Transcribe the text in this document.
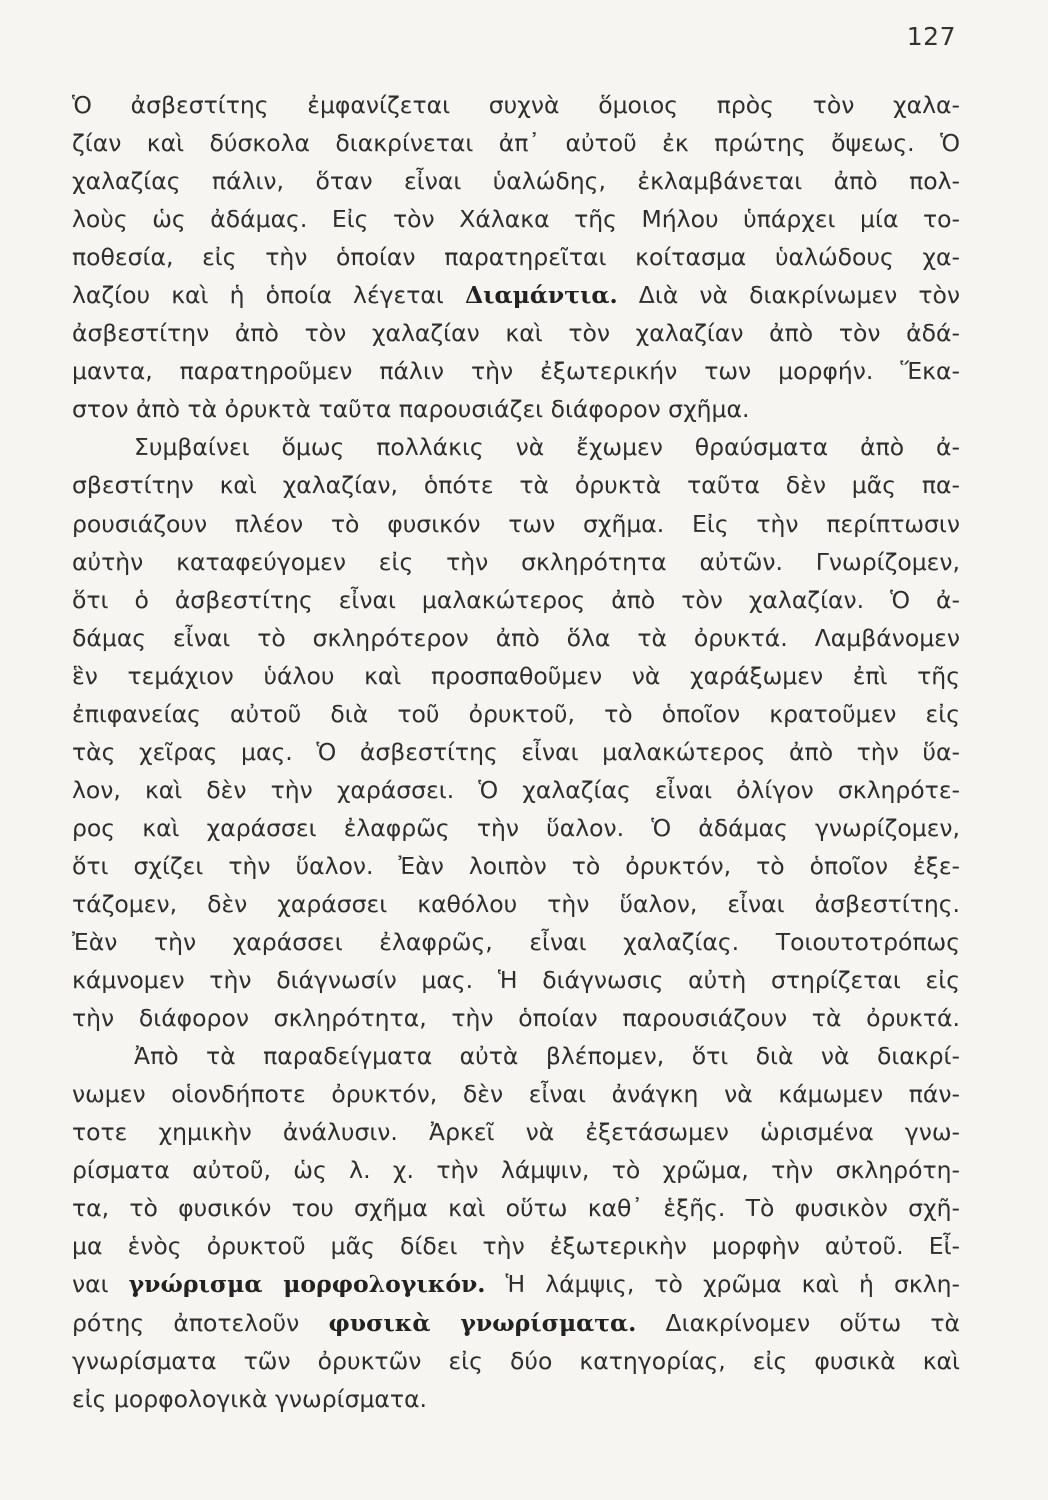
127
Ὁ ἀσβεστίτης ἐμφανίζεται συχνὰ ὅμοιος πρὸς τὸν χαλα-
ζίαν καὶ δύσκολα διακρίνεται ἀπ᾿ αὐτοῦ ἐκ πρώτης ὄψεως. Ὁ
χαλαζίας πάλιν, ὅταν εἶναι ὑαλώδης, ἐκλαμβάνεται ἀπὸ πολ-
λοὺς ὡς ἀδάμας. Εἰς τὸν Χάλακα τῆς Μήλου ὑπάρχει μία το-
ποθεσία, εἰς τὴν ὁποίαν παρατηρεῖται κοίτασμα ὑαλώδους χα-
λαζίου καὶ ἡ ὁποία λέγεται Διαμάντια. Διὰ νὰ διακρίνωμεν τὸν
ἀσβεστίτην ἀπὸ τὸν χαλαζίαν καὶ τὸν χαλαζίαν ἀπὸ τὸν ἀδά-
μαντα, παρατηροῦμεν πάλιν τὴν ἐξωτερικήν των μορφήν. Ἕκα-
στον ἀπὸ τὰ ὀρυκτὰ ταῦτα παρουσιάζει διάφορον σχῆμα.
Συμβαίνει ὅμως πολλάκις νὰ ἔχωμεν θραύσματα ἀπὸ ἀ-
σβεστίτην καὶ χαλαζίαν, ὁπότε τὰ ὀρυκτὰ ταῦτα δὲν μᾶς πα-
ρουσιάζουν πλέον τὸ φυσικόν των σχῆμα. Εἰς τὴν περίπτωσιν
αὐτὴν καταφεύγομεν εἰς τὴν σκληρότητα αὐτῶν. Γνωρίζομεν,
ὅτι ὁ ἀσβεστίτης εἶναι μαλακώτερος ἀπὸ τὸν χαλαζίαν. Ὁ ἀ-
δάμας εἶναι τὸ σκληρότερον ἀπὸ ὅλα τὰ ὀρυκτά. Λαμβάνομεν
ἓν τεμάχιον ὑάλου καὶ προσπαθοῦμεν νὰ χαράξωμεν ἐπὶ τῆς
ἐπιφανείας αὐτοῦ διὰ τοῦ ὀρυκτοῦ, τὸ ὁποῖον κρατοῦμεν εἰς
τὰς χεῖρας μας. Ὁ ἀσβεστίτης εἶναι μαλακώτερος ἀπὸ τὴν ὕα-
λον, καὶ δὲν τὴν χαράσσει. Ὁ χαλαζίας εἶναι ὀλίγον σκληρότε-
ρος καὶ χαράσσει ἐλαφρῶς τὴν ὕαλον. Ὁ ἀδάμας γνωρίζομεν,
ὅτι σχίζει τὴν ὕαλον. Ἐὰν λοιπὸν τὸ ὀρυκτόν, τὸ ὁποῖον ἐξε-
τάζομεν, δὲν χαράσσει καθόλου τὴν ὕαλον, εἶναι ἀσβεστίτης.
Ἐὰν τὴν χαράσσει ἐλαφρῶς, εἶναι χαλαζίας. Τοιουτοτρόπως
κάμνομεν τὴν διάγνωσίν μας. Ἡ διάγνωσις αὐτὴ στηρίζεται εἰς
τὴν διάφορον σκληρότητα, τὴν ὁποίαν παρουσιάζουν τὰ ὀρυκτά.
Ἀπὸ τὰ παραδείγματα αὐτὰ βλέπομεν, ὅτι διὰ νὰ διακρί-
νωμεν οἱονδήποτε ὀρυκτόν, δὲν εἶναι ἀνάγκη νὰ κάμωμεν πάν-
τοτε χημικὴν ἀνάλυσιν. Ἀρκεῖ νὰ ἐξετάσωμεν ὡρισμένα γνω-
ρίσματα αὐτοῦ, ὡς λ. χ. τὴν λάμψιν, τὸ χρῶμα, τὴν σκληρότη-
τα, τὸ φυσικόν του σχῆμα καὶ οὕτω καθ᾿ ἑξῆς. Τὸ φυσικὸν σχῆ-
μα ἑνὸς ὀρυκτοῦ μᾶς δίδει τὴν ἐξωτερικὴν μορφὴν αὐτοῦ. Εἶ-
ναι γνώρισμα μορφολογικόν. Ἡ λάμψις, τὸ χρῶμα καὶ ἡ σκλη-
ρότης ἀποτελοῦν φυσικὰ γνωρίσματα. Διακρίνομεν οὕτω τὰ
γνωρίσματα τῶν ὀρυκτῶν εἰς δύο κατηγορίας, εἰς φυσικὰ καὶ
εἰς μορφολογικὰ γνωρίσματα.
